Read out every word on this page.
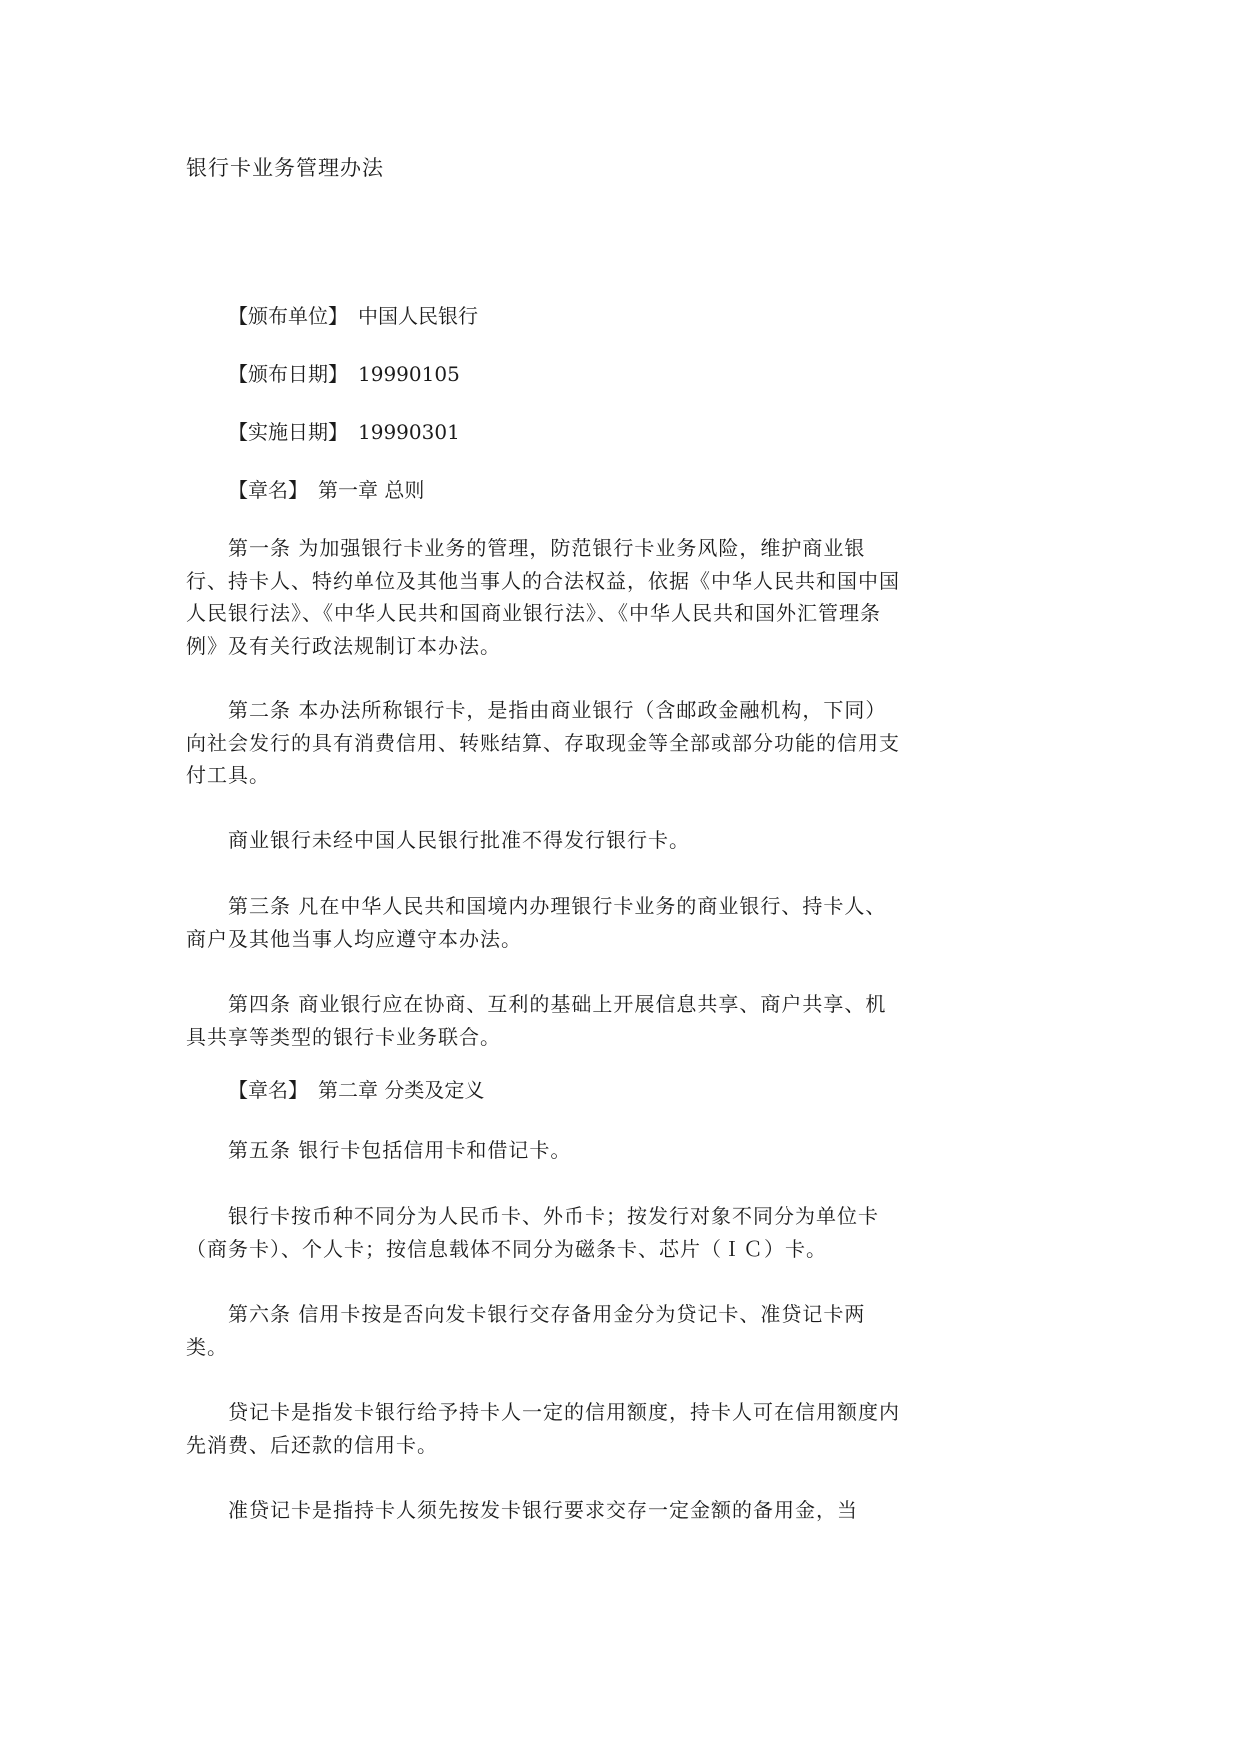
银行卡业务管理办法
【颁布单位】 中国人民银行
【颁布日期】 19990105
【实施日期】 19990301
【章名】 第一章 总则
第一条 为加强银行卡业务的管理，防范银行卡业务风险，维护商业银行、持卡人、特约单位及其他当事人的合法权益，依据《中华人民共和国中国人民银行法》、《中华人民共和国商业银行法》、《中华人民共和国外汇管理条例》及有关行政法规制订本办法。
第二条 本办法所称银行卡，是指由商业银行（含邮政金融机构，下同）向社会发行的具有消费信用、转账结算、存取现金等全部或部分功能的信用支付工具。
商业银行未经中国人民银行批准不得发行银行卡。
第三条 凡在中华人民共和国境内办理银行卡业务的商业银行、持卡人、商户及其他当事人均应遵守本办法。
第四条 商业银行应在协商、互利的基础上开展信息共享、商户共享、机具共享等类型的银行卡业务联合。
【章名】 第二章 分类及定义
第五条 银行卡包括信用卡和借记卡。
银行卡按币种不同分为人民币卡、外币卡；按发行对象不同分为单位卡（商务卡）、个人卡；按信息载体不同分为磁条卡、芯片（ＩＣ）卡。
第六条 信用卡按是否向发卡银行交存备用金分为贷记卡、准贷记卡两类。
贷记卡是指发卡银行给予持卡人一定的信用额度，持卡人可在信用额度内先消费、后还款的信用卡。
准贷记卡是指持卡人须先按发卡银行要求交存一定金额的备用金，当
